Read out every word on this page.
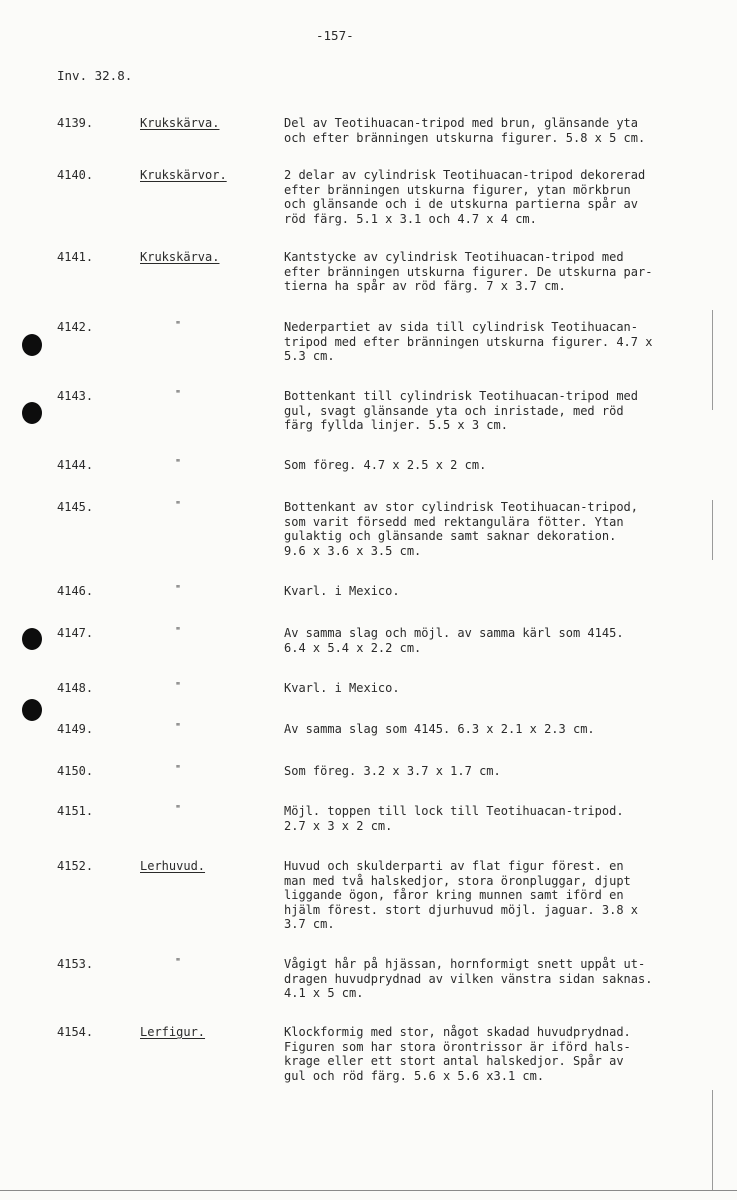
-157-
Inv. 32.8.
4139.	Krukskärva.	Del av Teotihuacan-tripod med brun, glänsande yta
och efter bränningen utskurna figurer. 5.8 x 5 cm.
4140.	Krukskärvor.	2 delar av cylindrisk Teotihuacan-tripod dekorerad
efter bränningen utskurna figurer, ytan mörkbrun
och glänsande och i de utskurna partierna spår av
röd färg. 5.1 x 3.1 och 4.7 x 4 cm.
4141.	Krukskärva.	Kantstycke av cylindrisk Teotihuacan-tripod med
efter bränningen utskurna figurer. De utskurna par-
tierna ha spår av röd färg. 7 x 3.7 cm.
4142.	"	Nederpartiet av sida till cylindrisk Teotihuacan-
tripod med efter bränningen utskurna figurer. 4.7 x
5.3 cm.
4143.	"	Bottenkant till cylindrisk Teotihuacan-tripod med
gul, svagt glänsande yta och inristade, med röd
färg fyllda linjer. 5.5 x 3 cm.
4144.	"	Som föreg. 4.7 x 2.5 x 2 cm.
4145.	"	Bottenkant av stor cylindrisk Teotihuacan-tripod,
som varit försedd med rektangulära fötter. Ytan
gulaktig och glänsande samt saknar dekoration.
9.6 x 3.6 x 3.5 cm.
4146.	"	Kvarl. i Mexico.
4147.	"	Av samma slag och möjl. av samma kärl som 4145.
6.4 x 5.4 x 2.2 cm.
4148.	"	Kvarl. i Mexico.
4149.	"	Av samma slag som 4145. 6.3 x 2.1 x 2.3 cm.
4150.	"	Som föreg. 3.2 x 3.7 x 1.7 cm.
4151.	"	Möjl. toppen till lock till Teotihuacan-tripod.
2.7 x 3 x 2 cm.
4152.	Lerhuvud.	Huvud och skulderparti av flat figur förest. en
man med två halskedjor, stora öronpluggar, djupt
liggande ögon, fåror kring munnen samt iförd en
hjälm förest. stort djurhuvud möjl. jaguar. 3.8 x
3.7 cm.
4153.	"	Vågigt hår på hjässan, hornformigt snett uppåt ut-
dragen huvudprydnad av vilken vänstra sidan saknas.
4.1 x 5 cm.
4154.	Lerfigur.	Klockformig med stor, något skadad huvudprydnad.
Figuren som har stora örontrissor är iförd hals-
krage eller ett stort antal halskedjor. Spår av
gul och röd färg. 5.6 x 5.6 x3.1 cm.
